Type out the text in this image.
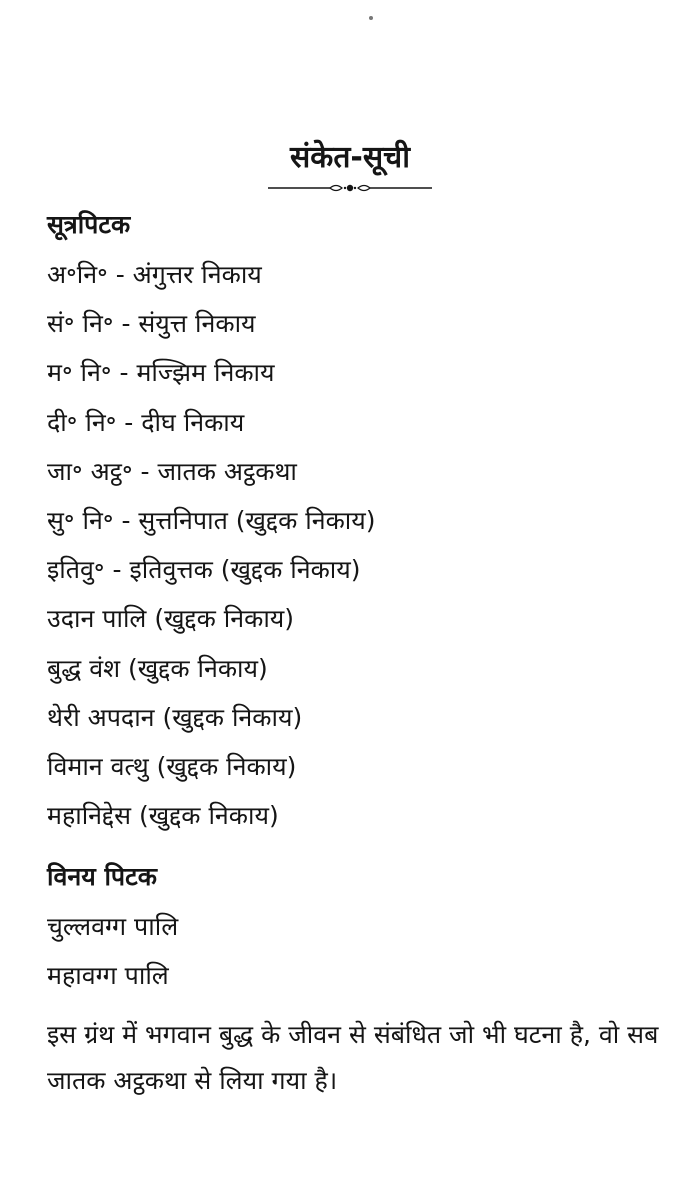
संकेत-सूची
सूत्रपिटक
अ॰नि॰ - अंगुत्तर निकाय
सं॰ नि॰ - संयुत्त निकाय
म॰ नि॰ - मज्झिम निकाय
दी॰ नि॰ - दीघ निकाय
जा॰ अट्ठ॰ - जातक अट्ठकथा
सु॰ नि॰ - सुत्तनिपात (खुद्दक निकाय)
इतिवु॰ - इतिवुत्तक (खुद्दक निकाय)
उदान पालि (खुद्दक निकाय)
बुद्ध वंश (खुद्दक निकाय)
थेरी अपदान (खुद्दक निकाय)
विमान वत्थु (खुद्दक निकाय)
महानिद्देस (खुद्दक निकाय)
विनय पिटक
चुल्लवग्ग पालि
महावग्ग पालि
इस ग्रंथ में भगवान बुद्ध के जीवन से संबंधित जो भी घटना है, वो सब जातक अट्ठकथा से लिया गया है।
